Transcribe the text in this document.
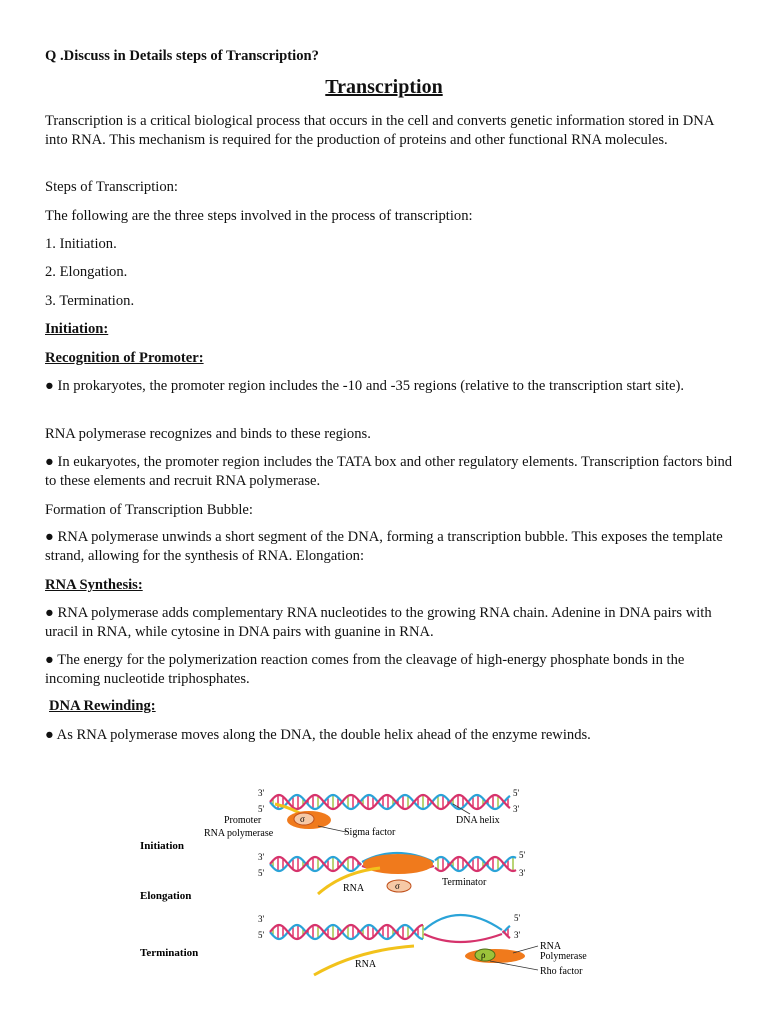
Q .Discuss in Details steps of Transcription?
Transcription
Transcription is a critical biological process that occurs in the cell and converts genetic information stored in DNA into RNA. This mechanism is required for the production of proteins and other functional RNA molecules.
Steps of Transcription:
The following are the three steps involved in the process of transcription:
1. Initiation.
2. Elongation.
3. Termination.
Initiation:
Recognition of Promoter:
● In prokaryotes, the promoter region includes the -10 and -35 regions (relative to the transcription start site).
RNA polymerase recognizes and binds to these regions.
● In eukaryotes, the promoter region includes the TATA box and other regulatory elements. Transcription factors bind to these elements and recruit RNA polymerase.
Formation of Transcription Bubble:
● RNA polymerase unwinds a short segment of the DNA, forming a transcription bubble. This exposes the template strand, allowing for the synthesis of RNA. Elongation:
RNA Synthesis:
● RNA polymerase adds complementary RNA nucleotides to the growing RNA chain. Adenine in DNA pairs with uracil in RNA, while cytosine in DNA pairs with guanine in RNA.
● The energy for the polymerization reaction comes from the cleavage of high-energy phosphate bonds in the incoming nucleotide triphosphates.
DNA Rewinding:
● As RNA polymerase moves along the DNA, the double helix ahead of the enzyme rewinds.
σ
3'
5'
5'
3'
Promoter
RNA polymerase	Sigma factor
DNA helix
Initiation
σ
3'
5'
5'
3'
RNA
Terminator
Elongation
ρ
3'
5'
5'
3'
RNA
Polymerase
Rho factor
RNA
Termination
